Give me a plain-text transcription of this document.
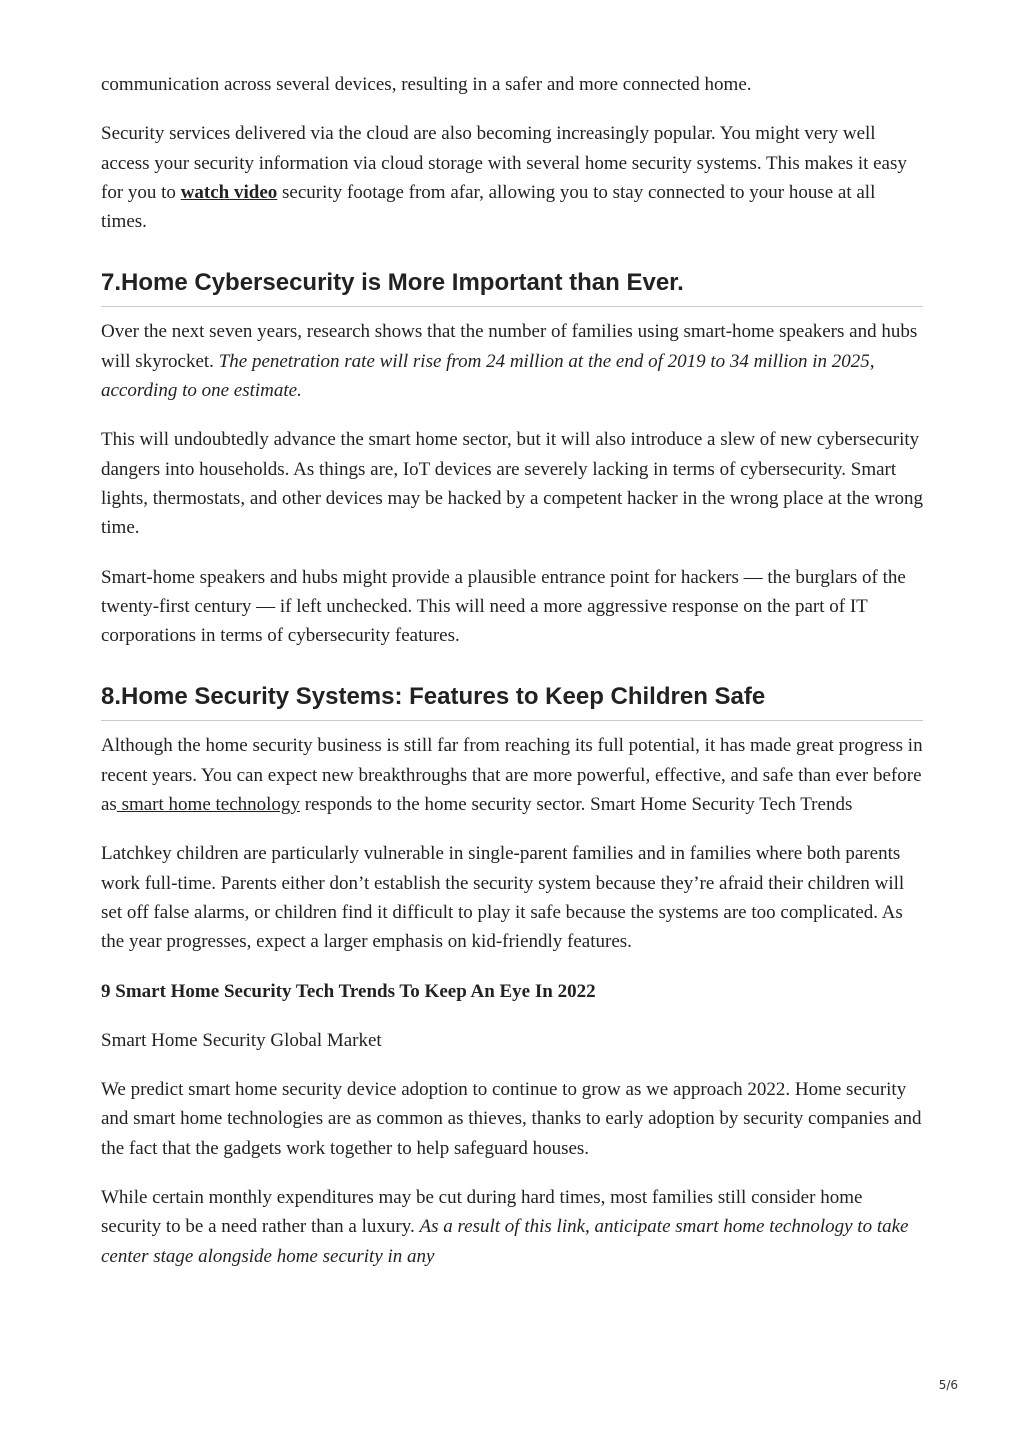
communication across several devices, resulting in a safer and more connected home.

Security services delivered via the cloud are also becoming increasingly popular. You might very well access your security information via cloud storage with several home security systems. This makes it easy for you to watch video security footage from afar, allowing you to stay connected to your house at all times.

7.Home Cybersecurity is More Important than Ever.

Over the next seven years, research shows that the number of families using smart-home speakers and hubs will skyrocket. The penetration rate will rise from 24 million at the end of 2019 to 34 million in 2025, according to one estimate.

This will undoubtedly advance the smart home sector, but it will also introduce a slew of new cybersecurity dangers into households. As things are, IoT devices are severely lacking in terms of cybersecurity. Smart lights, thermostats, and other devices may be hacked by a competent hacker in the wrong place at the wrong time.

Smart-home speakers and hubs might provide a plausible entrance point for hackers — the burglars of the twenty-first century — if left unchecked. This will need a more aggressive response on the part of IT corporations in terms of cybersecurity features.

8.Home Security Systems: Features to Keep Children Safe

Although the home security business is still far from reaching its full potential, it has made great progress in recent years. You can expect new breakthroughs that are more powerful, effective, and safe than ever before as smart home technology responds to the home security sector. Smart Home Security Tech Trends

Latchkey children are particularly vulnerable in single-parent families and in families where both parents work full-time. Parents either don’t establish the security system because they’re afraid their children will set off false alarms, or children find it difficult to play it safe because the systems are too complicated. As the year progresses, expect a larger emphasis on kid-friendly features.

9 Smart Home Security Tech Trends To Keep An Eye In 2022

Smart Home Security Global Market

We predict smart home security device adoption to continue to grow as we approach 2022. Home security and smart home technologies are as common as thieves, thanks to early adoption by security companies and the fact that the gadgets work together to help safeguard houses.

While certain monthly expenditures may be cut during hard times, most families still consider home security to be a need rather than a luxury. As a result of this link, anticipate smart home technology to take center stage alongside home security in any

5/6
